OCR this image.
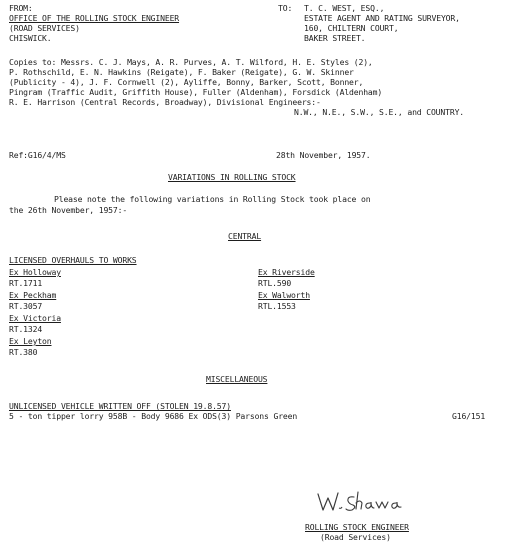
FROM:
OFFICE OF THE ROLLING STOCK ENGINEER
(ROAD SERVICES)
CHISWICK.
TO: T. C. WEST, ESQ.,
ESTATE AGENT AND RATING SURVEYOR,
160, CHILTERN COURT,
BAKER STREET.
Copies to: Messrs. C. J. Mays, A. R. Purves, A. T. Wilford, H. E. Styles (2),
P. Rothschild, E. N. Hawkins (Reigate), F. Baker (Reigate), G. W. Skinner
(Publicity - 4), J. F. Cornwell (2), Ayliffe, Bonny, Barker, Scott, Bonner,
Pingram (Traffic Audit, Griffith House), Fuller (Aldenham), Forsdick (Aldenham)
R. E. Harrison (Central Records, Broadway), Divisional Engineers:-
N.W., N.E., S.W., S.E., and COUNTRY.
Ref:G16/4/MS	28th November, 1957.
VARIATIONS IN ROLLING STOCK
Please note the following variations in Rolling Stock took place on
the 26th November, 1957:-
CENTRAL
LICENSED OVERHAULS TO WORKS
Ex Holloway
RT.1711
Ex Peckham
RT.3057
Ex Victoria
RT.1324
Ex Leyton
RT.380
Ex Riverside
RTL.590
Ex Walworth
RTL.1553
MISCELLANEOUS
UNLICENSED VEHICLE WRITTEN OFF (STOLEN 19.8.57)
5 - ton tipper lorry 958B - Body 9686 Ex ODS(3) Parsons Green	G16/151
ROLLING STOCK ENGINEER
(Road Services)
